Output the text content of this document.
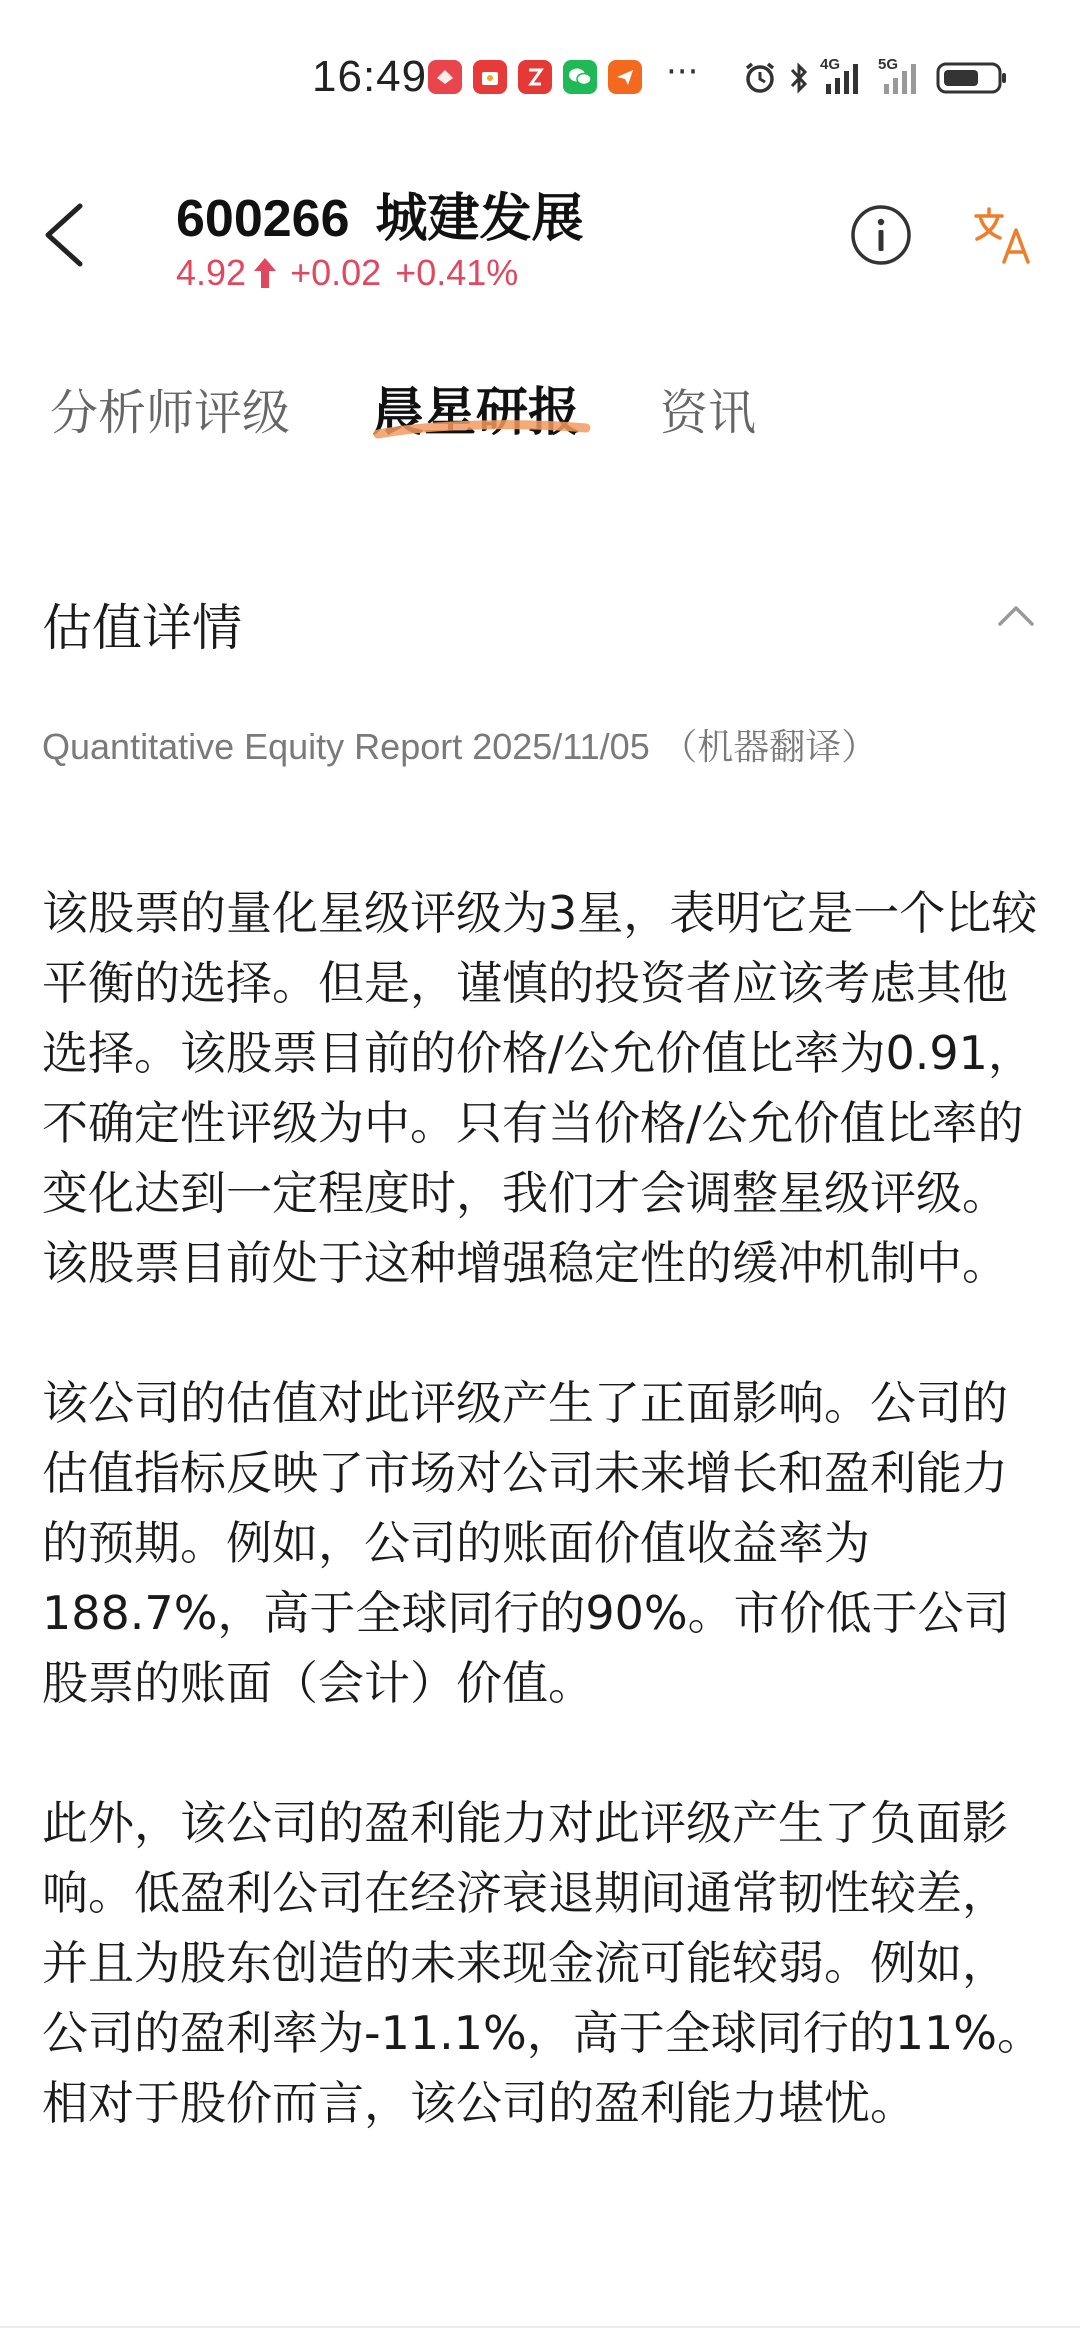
16:49	···	4G	5G
600266 城建发展
4.92 +0.02 +0.41%
分析师评级 晨星研报 资讯
估值详情
Quantitative Equity Report 2025/11/05 （机器翻译）

该股票的量化星级评级为3星，表明它是一个比较平衡的选择。但是，谨慎的投资者应该考虑其他选择。该股票目前的价格/公允价值比率为0.91，不确定性评级为中。只有当价格/公允价值比率的变化达到一定程度时，我们才会调整星级评级。该股票目前处于这种增强稳定性的缓冲机制中。

该公司的估值对此评级产生了正面影响。公司的估值指标反映了市场对公司未来增长和盈利能力的预期。例如，公司的账面价值收益率为188.7%，高于全球同行的90%。市价低于公司股票的账面（会计）价值。

此外，该公司的盈利能力对此评级产生了负面影响。低盈利公司在经济衰退期间通常韧性较差，并且为股东创造的未来现金流可能较弱。例如，公司的盈利率为-11.1%，高于全球同行的11%。相对于股价而言，该公司的盈利能力堪忧。
